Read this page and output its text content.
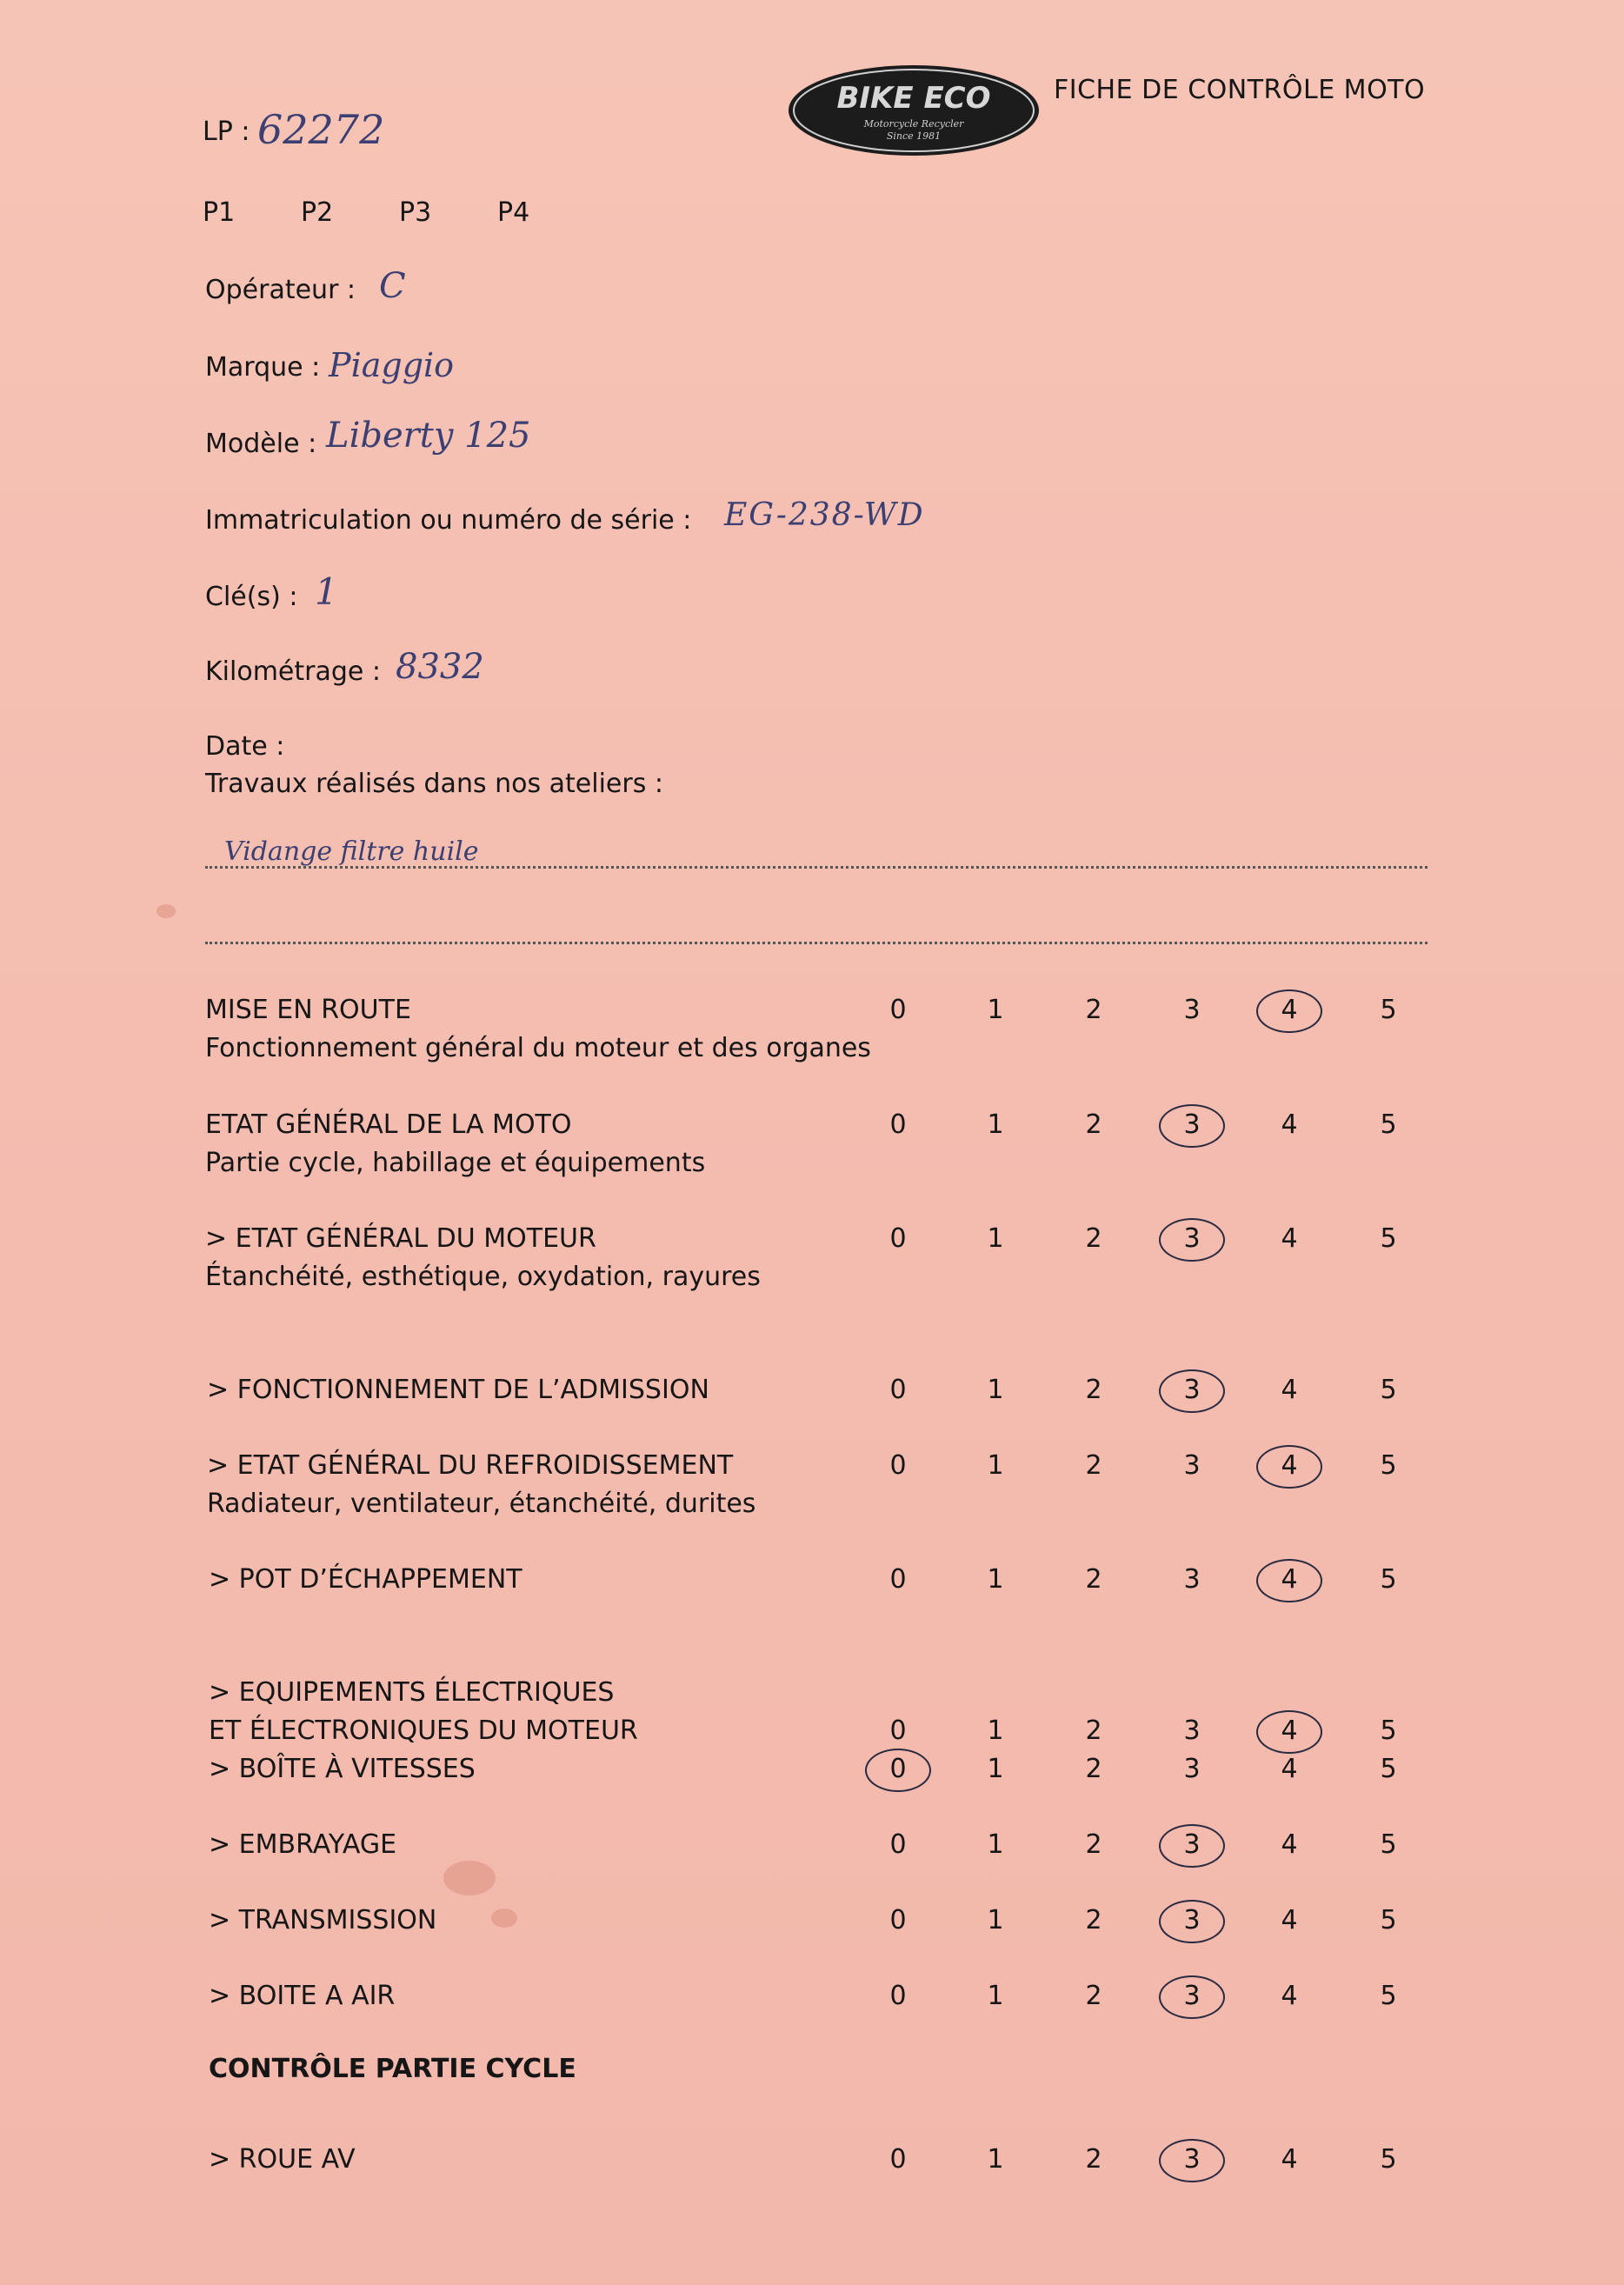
BIKE ECO
Motorcycle Recycler
Since 1981
FICHE DE CONTRÔLE MOTO
LP : 62272
P1	P2	P3	P4
Opérateur : C
Marque : Piaggio
Modèle : Liberty 125
Immatriculation ou numéro de série : EG-238-WD
Clé(s) : 1
Kilométrage : 8332
Date :
Travaux réalisés dans nos ateliers :
Vidange filtre huile
MISE EN ROUTE
Fonctionnement général du moteur et des organes
0	1	2	3	4	5
ETAT GÉNÉRAL DE LA MOTO
Partie cycle, habillage et équipements
0	1	2	3	4	5
> ETAT GÉNÉRAL DU MOTEUR
Étanchéité, esthétique, oxydation, rayures
0	1	2	3	4	5
> FONCTIONNEMENT DE L’ADMISSION	0	1	2	3	4	5
> ETAT GÉNÉRAL DU REFROIDISSEMENT
Radiateur, ventilateur, étanchéité, durites
0	1	2	3	4	5
> POT D’ÉCHAPPEMENT	0	1	2	3	4	5
> EQUIPEMENTS ÉLECTRIQUES
ET ÉLECTRONIQUES DU MOTEUR	0	1	2	3	4	5
> BOÎTE À VITESSES	0	1	2	3	4	5
> EMBRAYAGE	0	1	2	3	4	5
> TRANSMISSION	0	1	2	3	4	5
> BOITE A AIR	0	1	2	3	4	5
> ROUE AV	0	1	2	3	4	5
CONTRÔLE PARTIE CYCLE
